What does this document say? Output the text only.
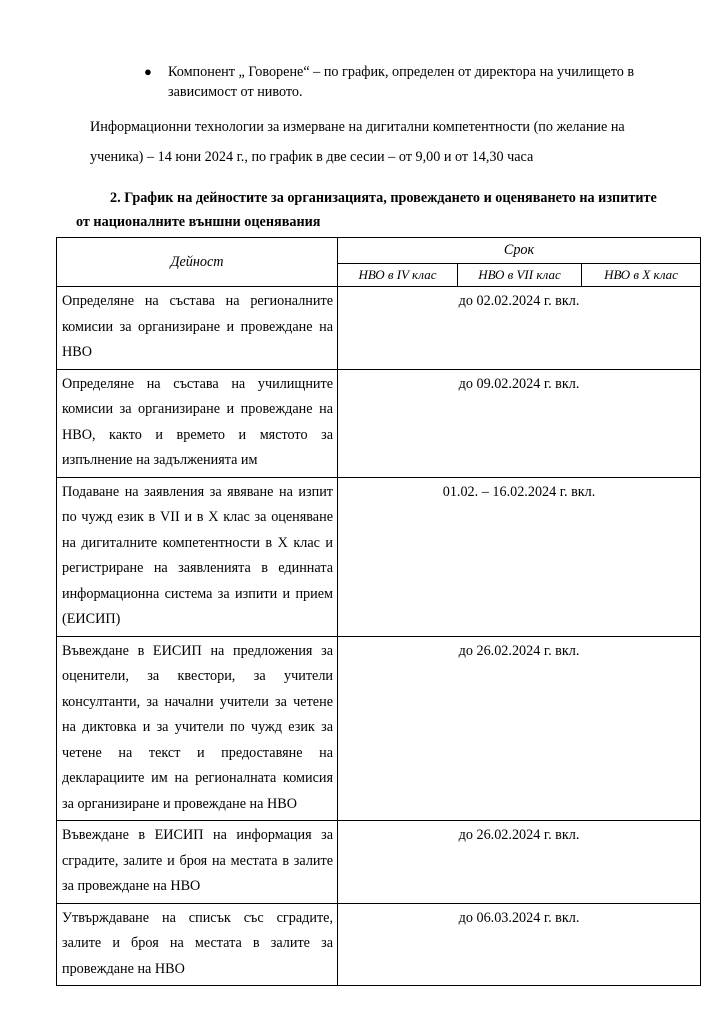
● Компонент „ Говорене“ – по график, определен от директора на училището в зависимост от нивото.
Информационни технологии за измерване на дигитални компетентности (по желание на ученика) – 14 юни 2024 г., по график в две сесии – от 9,00 и от 14,30 часа
2. График на дейностите за организацията, провеждането и оценяването на изпитите
от националните външни оценявания
Дейност	Срок		
	НВО в IV клас	НВО в VII клас	НВО в X клас
Определяне на състава на регионалните комисии за организиране и провеждане на НВО	до 02.02.2024 г. вкл.		
Определяне на състава на училищните комисии за организиране и провеждане на НВО, както и времето и мястото за изпълнение на задълженията им	до 09.02.2024 г. вкл.		
Подаване на заявления за явяване на изпит по чужд език в VII и в X клас за оценяване на дигиталните компетентности в X клас и регистриране на заявленията в единната информационна система за изпити и прием (ЕИСИП)	01.02. – 16.02.2024 г. вкл.		
Въвеждане в ЕИСИП на предложения за оценители, за квестори, за учители консултанти, за начални учители за четене на диктовка и за учители по чужд език за четене на текст и предоставяне на декларациите им на регионалната комисия за организиране и провеждане на НВО	до 26.02.2024 г. вкл.		
Въвеждане в ЕИСИП на информация за сградите, залите и броя на местата в залите за провеждане на НВО	до 26.02.2024 г. вкл.		
Утвърждаване на списък със сградите, залите и броя на местата в залите за провеждане на НВО	до 06.03.2024 г. вкл.		
